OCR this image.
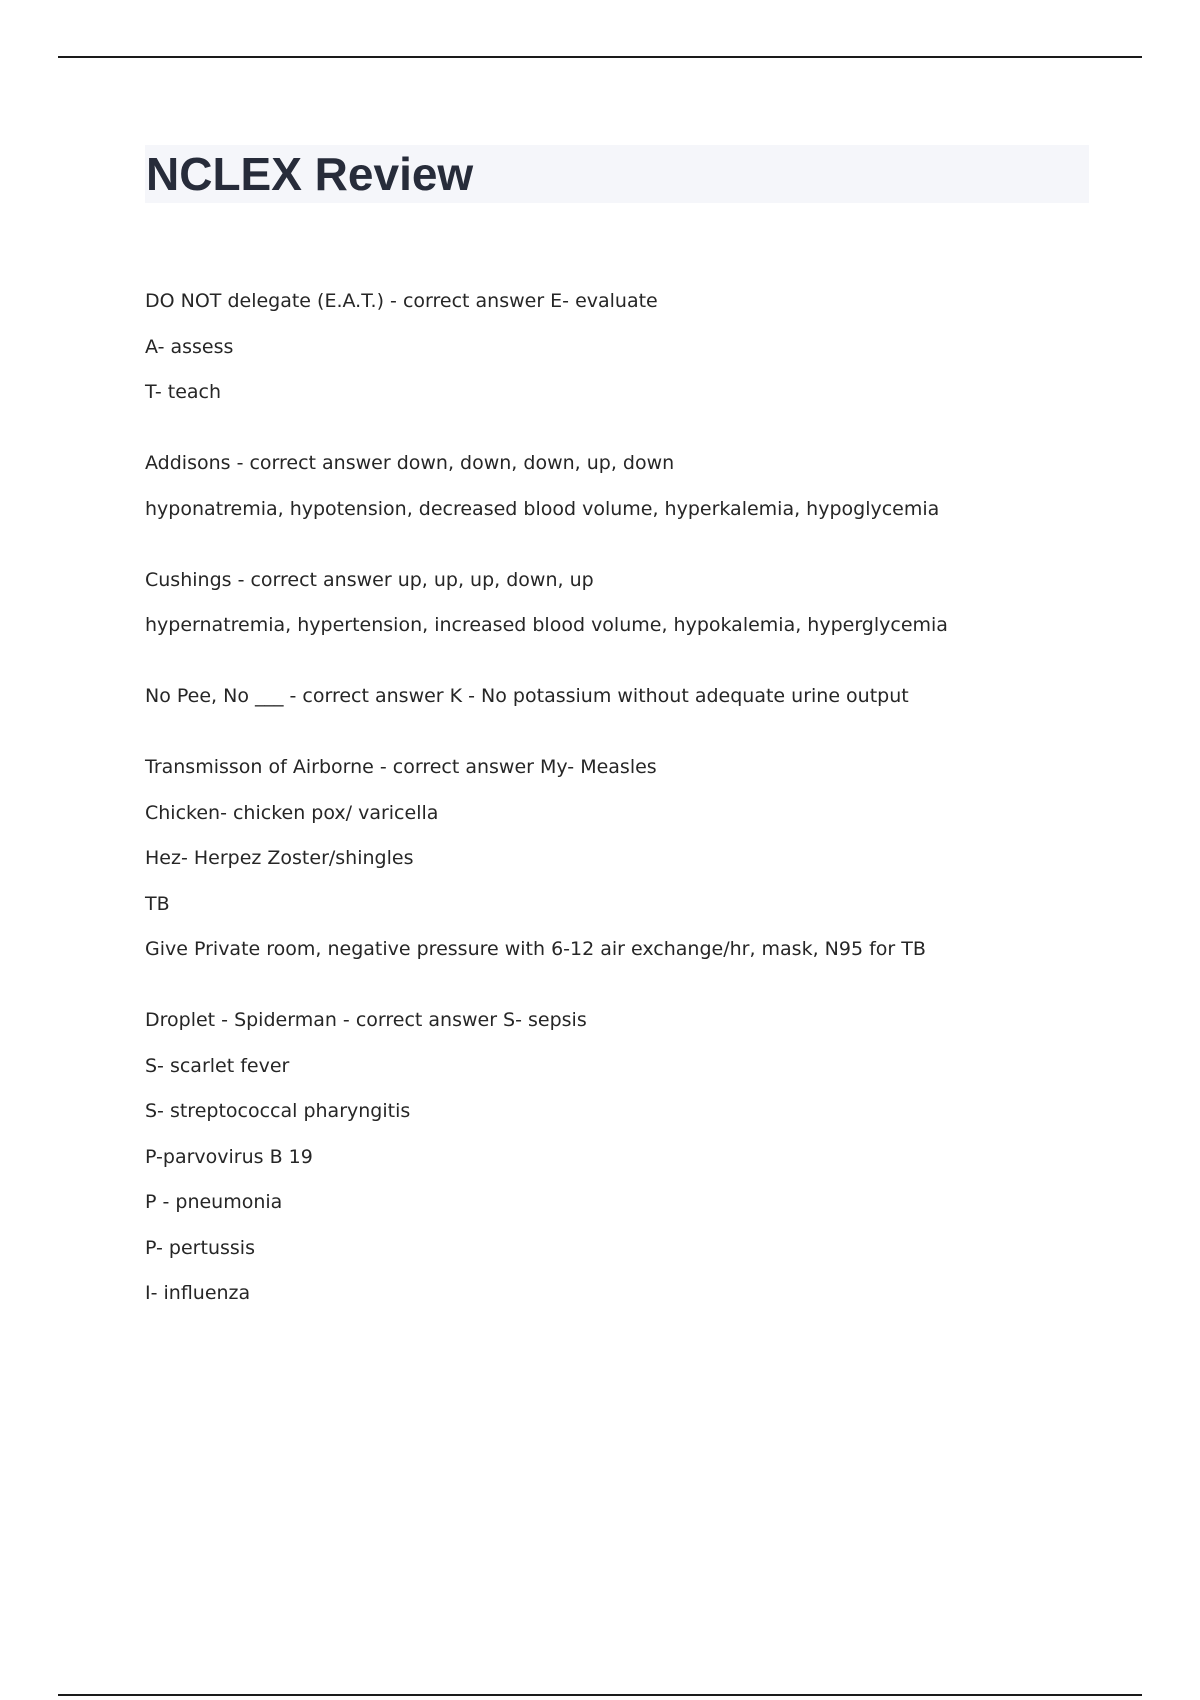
NCLEX Review
DO NOT delegate (E.A.T.) - correct answer E- evaluate
A- assess
T- teach
Addisons - correct answer down, down, down, up, down
hyponatremia, hypotension, decreased blood volume, hyperkalemia, hypoglycemia
Cushings - correct answer up, up, up, down, up
hypernatremia, hypertension, increased blood volume, hypokalemia, hyperglycemia
No Pee, No ___ - correct answer K - No potassium without adequate urine output
Transmisson of Airborne - correct answer My- Measles
Chicken- chicken pox/ varicella
Hez- Herpez Zoster/shingles
TB
Give Private room, negative pressure with 6-12 air exchange/hr, mask, N95 for TB
Droplet - Spiderman - correct answer S- sepsis
S- scarlet fever
S- streptococcal pharyngitis
P-parvovirus B 19
P - pneumonia
P- pertussis
I- influenza
